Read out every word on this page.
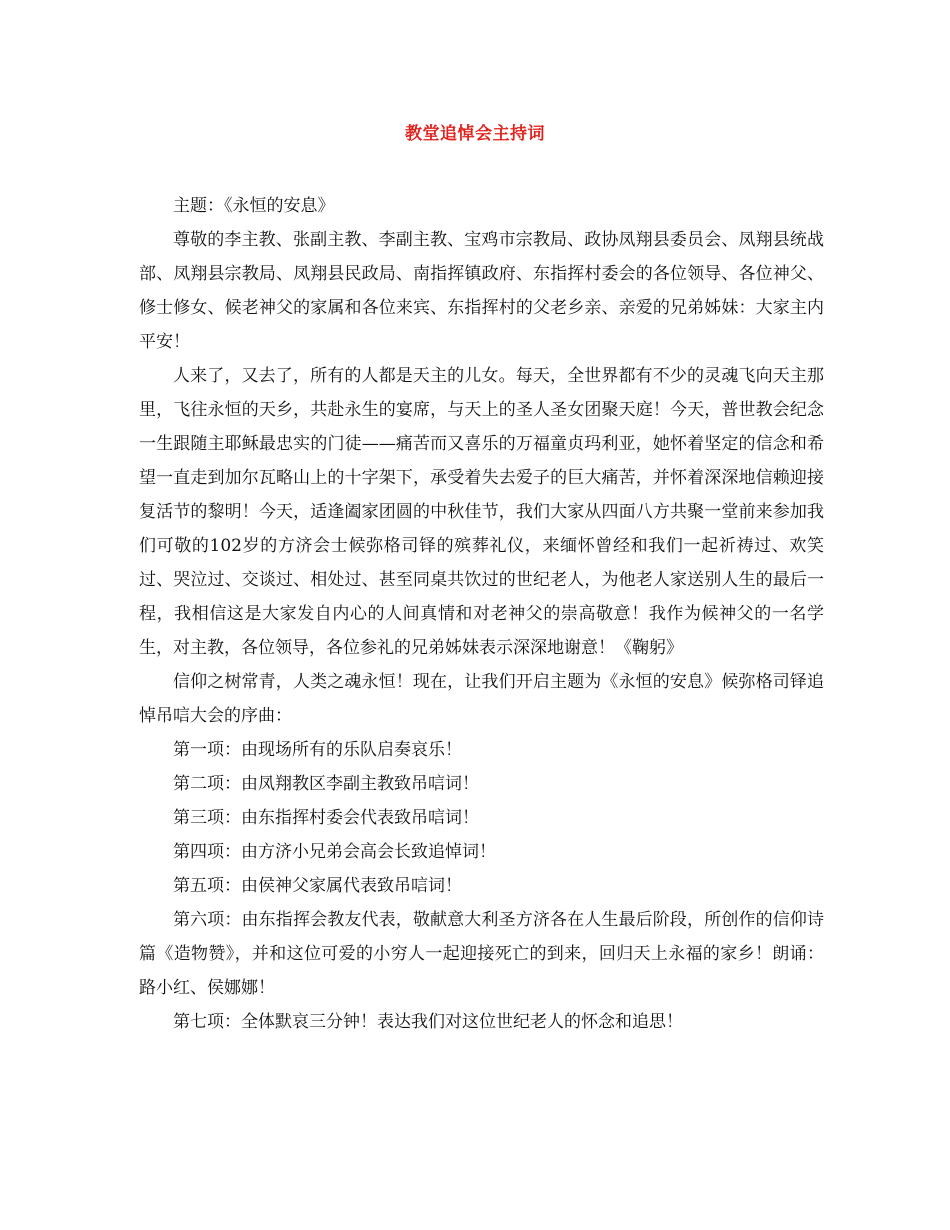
教堂追悼会主持词

主题：《永恒的安息》

尊敬的李主教、张副主教、李副主教、宝鸡市宗教局、政协凤翔县委员会、凤翔县统战部、凤翔县宗教局、凤翔县民政局、南指挥镇政府、东指挥村委会的各位领导、各位神父、修士修女、候老神父的家属和各位来宾、东指挥村的父老乡亲、亲爱的兄弟姊妹：大家主内平安！

人来了，又去了，所有的人都是天主的儿女。每天，全世界都有不少的灵魂飞向天主那里，飞往永恒的天乡，共赴永生的宴席，与天上的圣人圣女团聚天庭！今天，普世教会纪念一生跟随主耶稣最忠实的门徒——痛苦而又喜乐的万福童贞玛利亚，她怀着坚定的信念和希望一直走到加尔瓦略山上的十字架下，承受着失去爱子的巨大痛苦，并怀着深深地信赖迎接复活节的黎明！今天，适逢阖家团圆的中秋佳节，我们大家从四面八方共聚一堂前来参加我们可敬的102岁的方济会士候弥格司铎的殡葬礼仪，来缅怀曾经和我们一起祈祷过、欢笑过、哭泣过、交谈过、相处过、甚至同桌共饮过的世纪老人，为他老人家送别人生的最后一程，我相信这是大家发自内心的人间真情和对老神父的崇高敬意！我作为候神父的一名学生，对主教，各位领导，各位参礼的兄弟姊妹表示深深地谢意！《鞠躬》

信仰之树常青，人类之魂永恒！现在，让我们开启主题为《永恒的安息》候弥格司铎追悼吊唁大会的序曲：

第一项：由现场所有的乐队启奏哀乐！

第二项：由凤翔教区李副主教致吊唁词！

第三项：由东指挥村委会代表致吊唁词！

第四项：由方济小兄弟会高会长致追悼词！

第五项：由侯神父家属代表致吊唁词！

第六项：由东指挥会教友代表，敬献意大利圣方济各在人生最后阶段，所创作的信仰诗篇《造物赞》，并和这位可爱的小穷人一起迎接死亡的到来，回归天上永福的家乡！朗诵：路小红、侯娜娜！

第七项：全体默哀三分钟！表达我们对这位世纪老人的怀念和追思！
